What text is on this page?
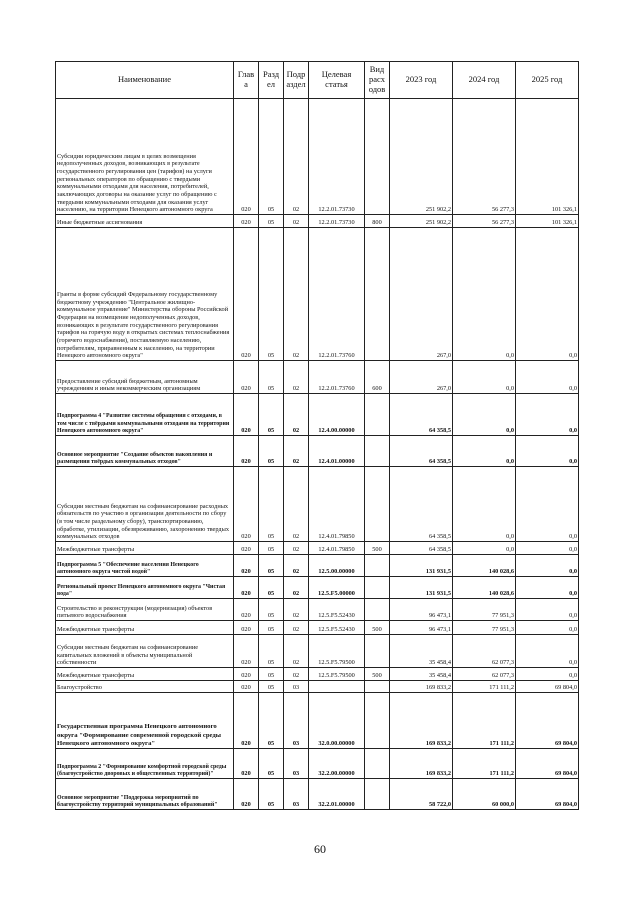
Наименование	Глав а	Разд ел	Подр аздел	Целевая статья	Вид расх одов	2023 год	2024 год	2025 год
Субсидии юридическим лицам в целях возмещения недополученных доходов, возникающих в результате государственного регулирования цен (тарифов) на услуги региональных операторов по обращению с твердыми коммунальными отходами для населения, потребителей, заключающих договоры на оказание услуг по обращению с твердыми коммунальными отходами для оказания услуг населению, на территории Ненецкого автономного округа	020	05	02	12.2.01.73730		251 902,2	56 277,3	101 326,1
Иные бюджетные ассигнования	020	05	02	12.2.01.73730	800	251 902,2	56 277,3	101 326,1
Гранты в форме субсидий Федеральному государственному бюджетному учреждению "Центральное жилищно-коммунальное управление" Министерства обороны Российской Федерации на возмещение недополученных доходов, возникающих в результате государственного регулирования тарифов на горячую воду в открытых системах теплоснабжения (горячего водоснабжения), поставляемую населению, потребителям, приравненным к населению, на территории Ненецкого автономного округа"	020	05	02	12.2.01.73760		267,0	0,0	0,0
Предоставление субсидий бюджетным, автономным учреждениям и иным некоммерческим организациям	020	05	02	12.2.01.73760	600	267,0	0,0	0,0
Подпрограмма 4 "Развитие системы обращения с отходами, в том числе с твёрдыми коммунальными отходами на территории Ненецкого автономного округа"	020	05	02	12.4.00.00000		64 358,5	0,0	0,0
Основное мероприятие "Создание объектов накопления и размещения твёрдых коммунальных отходов"	020	05	02	12.4.01.00000		64 358,5	0,0	0,0
Субсидии местным бюджетам на софинансирование расходных обязательств по участию в организации деятельности по сбору (в том числе раздельному сбору), транспортированию, обработке, утилизации, обезвреживанию, захоронению твердых коммунальных отходов	020	05	02	12.4.01.79850		64 358,5	0,0	0,0
Межбюджетные трансферты	020	05	02	12.4.01.79850	500	64 358,5	0,0	0,0
Подпрограмма 5 "Обеспечение населения Ненецкого автономного округа чистой водой"	020	05	02	12.5.00.00000		131 931,5	140 028,6	0,0
Региональный проект Ненецкого автономного округа "Чистая вода"	020	05	02	12.5.F5.00000		131 931,5	140 028,6	0,0
Строительство и реконструкция (модернизация) объектов питьевого водоснабжения	020	05	02	12.5.F5.52430		96 473,1	77 951,3	0,0
Межбюджетные трансферты	020	05	02	12.5.F5.52430	500	96 473,1	77 951,3	0,0
Субсидии местным бюджетам на софинансирование капитальных вложений в объекты муниципальной собственности	020	05	02	12.5.F5.79500		35 458,4	62 077,3	0,0
Межбюджетные трансферты	020	05	02	12.5.F5.79500	500	35 458,4	62 077,3	0,0
Благоустройство	020	05	03			169 833,2	171 111,2	69 804,0
Государственная программа Ненецкого автономного округа "Формирование современной городской среды Ненецкого автономного округа"	020	05	03	32.0.00.00000		169 833,2	171 111,2	69 804,0
Подпрограмма 2 "Формирование комфортной городской среды (благоустройство дворовых и общественных территорий)"	020	05	03	32.2.00.00000		169 833,2	171 111,2	69 804,0
Основное мероприятие "Поддержка мероприятий по благоустройству территорий муниципальных образований"	020	05	03	32.2.01.00000		58 722,0	60 000,0	69 804,0
60
